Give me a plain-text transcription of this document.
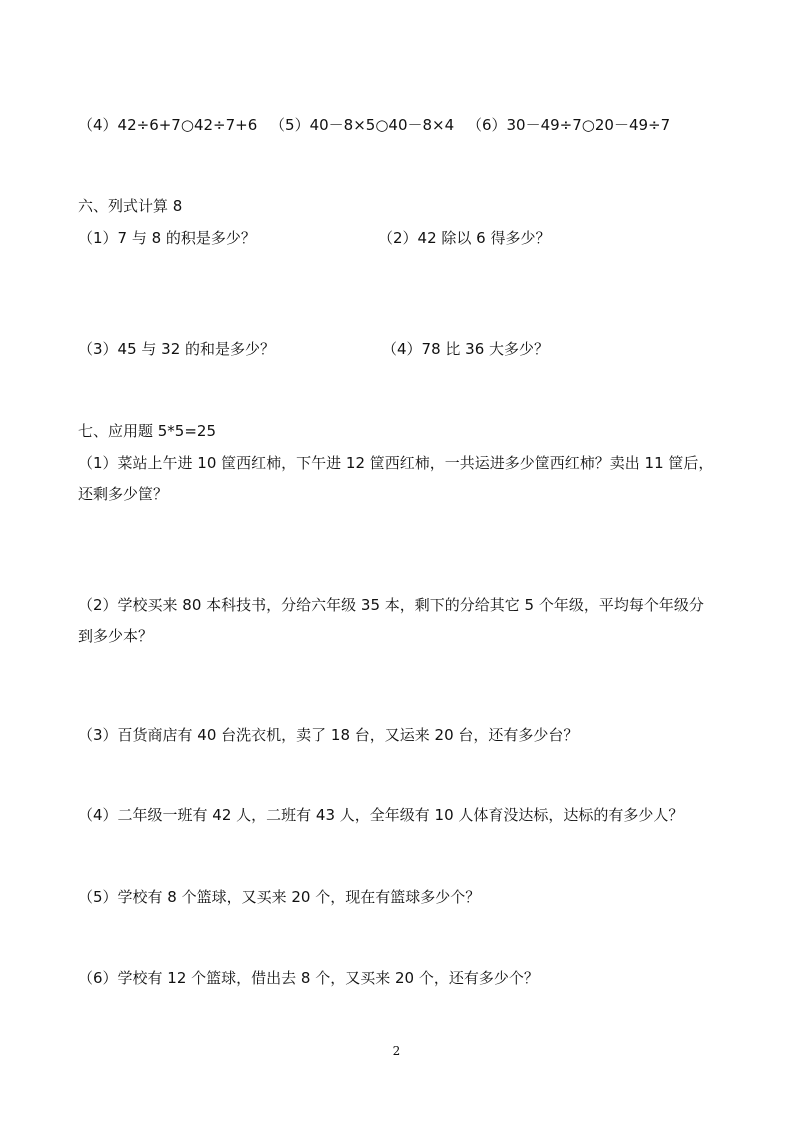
（4）42÷6+7○42÷7+6 （5）40－8×5○40－8×4 （6）30－49÷7○20－49÷7
六、列式计算 8
（1）7 与 8 的积是多少？	（2）42 除以 6 得多少？
（3）45 与 32 的和是多少？	（4）78 比 36 大多少？
七、应用题 5*5=25
（1）菜站上午进 10 筐西红柿，下午进 12 筐西红柿，一共运进多少筐西红柿？卖出 11 筐后，还剩多少筐？
（2）学校买来 80 本科技书，分给六年级 35 本，剩下的分给其它 5 个年级，平均每个年级分到多少本？
（3）百货商店有 40 台洗衣机，卖了 18 台，又运来 20 台，还有多少台？
（4）二年级一班有 42 人，二班有 43 人，全年级有 10 人体育没达标，达标的有多少人？
（5）学校有 8 个篮球，又买来 20 个，现在有篮球多少个？
（6）学校有 12 个篮球，借出去 8 个，又买来 20 个，还有多少个？
2
